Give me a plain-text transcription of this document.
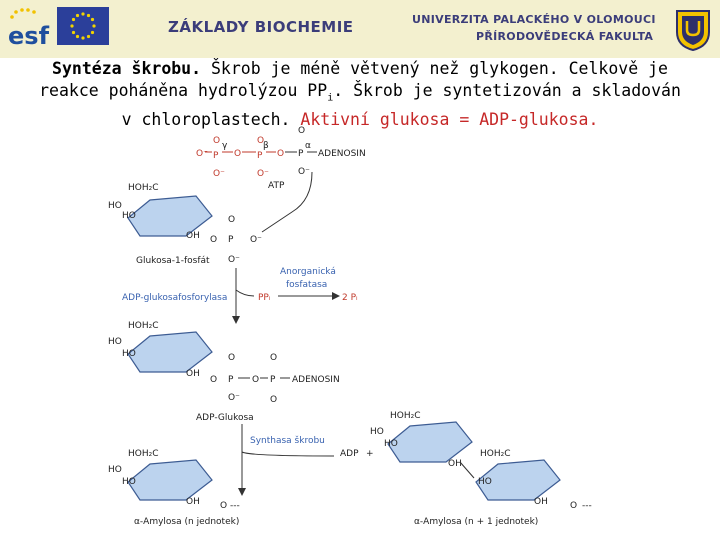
esf	ZÁKLADY BIOCHEMIE	UNIVERZITA PALACKÉHO V OLOMOUCI
PŘÍRODOVĚDECKÁ FAKULTA
Syntéza škrobu. Škrob je méně větvený než glykogen. Celkově je
reakce poháněna hydrolýzou $PP_i$. Škrob je syntetizován a skladován
v chloroplastech. Aktivní glukosa = ADP-glukosa.
O⁻
O
P
O⁻
γ
O
O
P
O⁻
β
O
O
P
O⁻
α
ADENOSIN
ATP
HOH₂C
HO
HO
OH
O
P
O	O⁻
O⁻
Glukosa-1-fosfát
ADP-glukosafosforylasa	PPᵢ
Anorganická
fosfatasa
2 Pᵢ
HOH₂C
HO
HO
OH
O
P
O
O⁻
O
O
P
O
ADENOSIN
ADP-Glukosa
Synthasa škrobu
ADP +
HOH₂C
HO
HO
OH O ---
α-Amylosa (n jednotek)
HOH₂C
HO
HO
OH
HOH₂C
HO
OH O ---
α-Amylosa (n + 1 jednotek)
